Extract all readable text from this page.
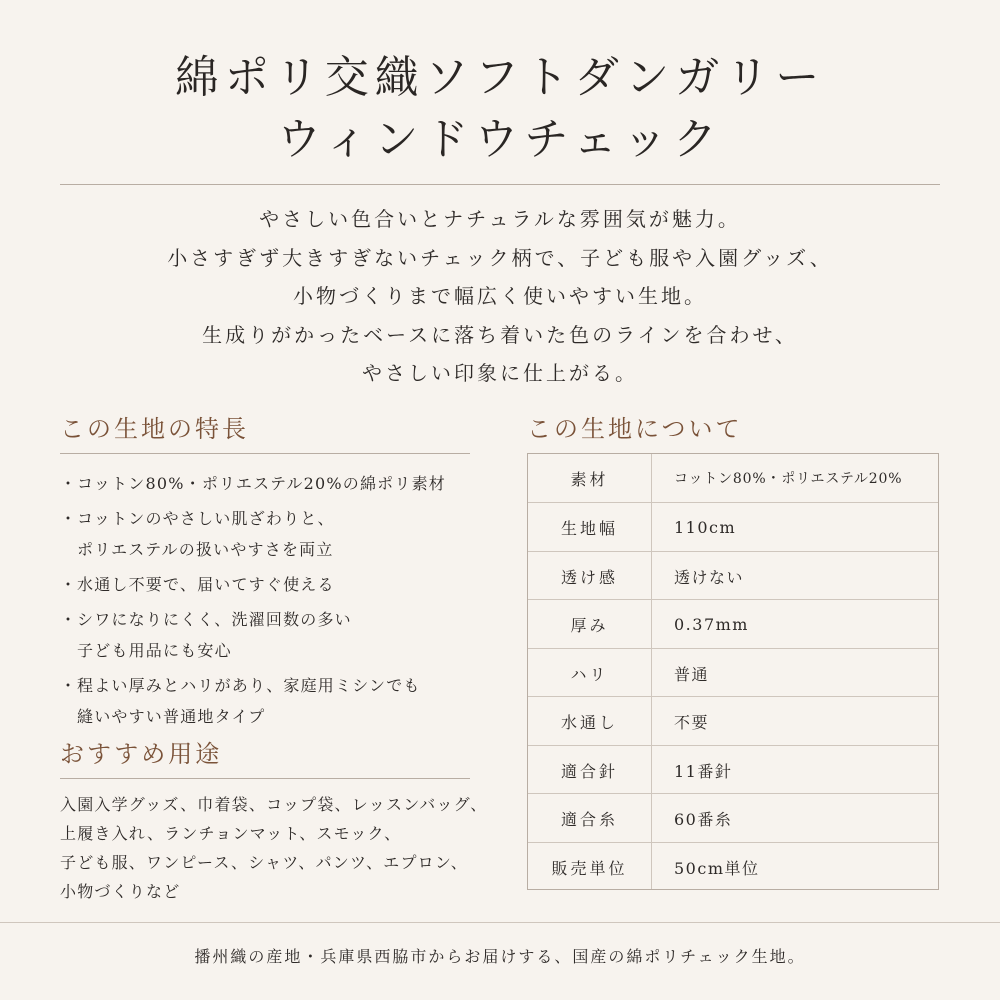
綿ポリ交織ソフトダンガリー
ウィンドウチェック
やさしい色合いとナチュラルな雰囲気が魅力。
小さすぎず大きすぎないチェック柄で、子ども服や入園グッズ、
小物づくりまで幅広く使いやすい生地。
生成りがかったベースに落ち着いた色のラインを合わせ、
やさしい印象に仕上がる。
この生地の特長
・ コットン80%・ポリエステル20%の綿ポリ素材
・ コットンのやさしい肌ざわりと、
ポリエステルの扱いやすさを両立
・ 水通し不要で、届いてすぐ使える
・ シワになりにくく、洗濯回数の多い
子ども用品にも安心
・ 程よい厚みとハリがあり、家庭用ミシンでも
縫いやすい普通地タイプ
おすすめ用途
入園入学グッズ、巾着袋、コップ袋、レッスンバッグ、
上履き入れ、ランチョンマット、スモック、
子ども服、ワンピース、シャツ、パンツ、エプロン、
小物づくりなど
この生地について
素材	コットン80%・ポリエステル20%
生地幅	110cm
透け感	透けない
厚み	0.37mm
ハリ	普通
水通し	不要
適合針	11番針
適合糸	60番糸
販売単位	50cm単位
播州織の産地・兵庫県西脇市からお届けする、国産の綿ポリチェック生地。
